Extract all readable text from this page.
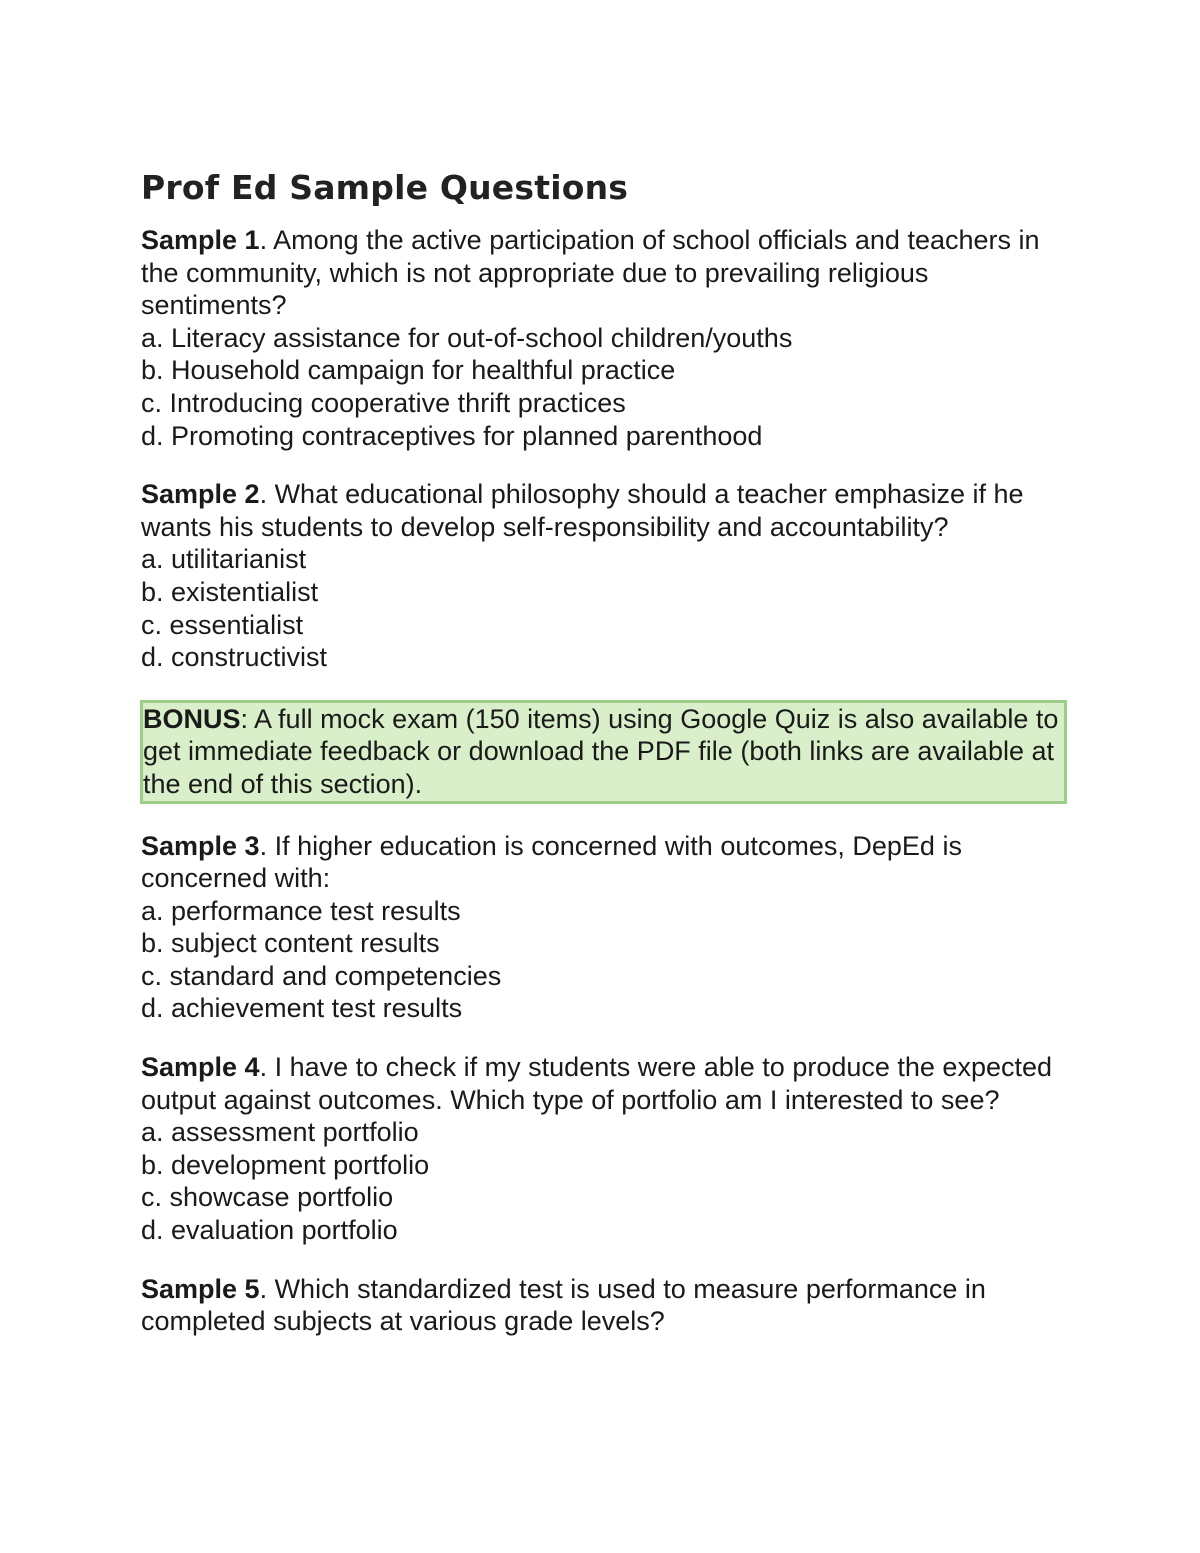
Prof Ed Sample Questions

Sample 1. Among the active participation of school officials and teachers in the community, which is not appropriate due to prevailing religious sentiments?

a. Literacy assistance for out-of-school children/youths
b. Household campaign for healthful practice
c. Introducing cooperative thrift practices
d. Promoting contraceptives for planned parenthood

Sample 2. What educational philosophy should a teacher emphasize if he wants his students to develop self-responsibility and accountability?

a. utilitarianist
b. existentialist
c. essentialist
d. constructivist

BONUS: A full mock exam (150 items) using Google Quiz is also available to get immediate feedback or download the PDF file (both links are available at the end of this section).

Sample 3. If higher education is concerned with outcomes, DepEd is concerned with:

a. performance test results
b. subject content results
c. standard and competencies
d. achievement test results

Sample 4. I have to check if my students were able to produce the expected output against outcomes. Which type of portfolio am I interested to see?

a. assessment portfolio
b. development portfolio
c. showcase portfolio
d. evaluation portfolio

Sample 5. Which standardized test is used to measure performance in completed subjects at various grade levels?
